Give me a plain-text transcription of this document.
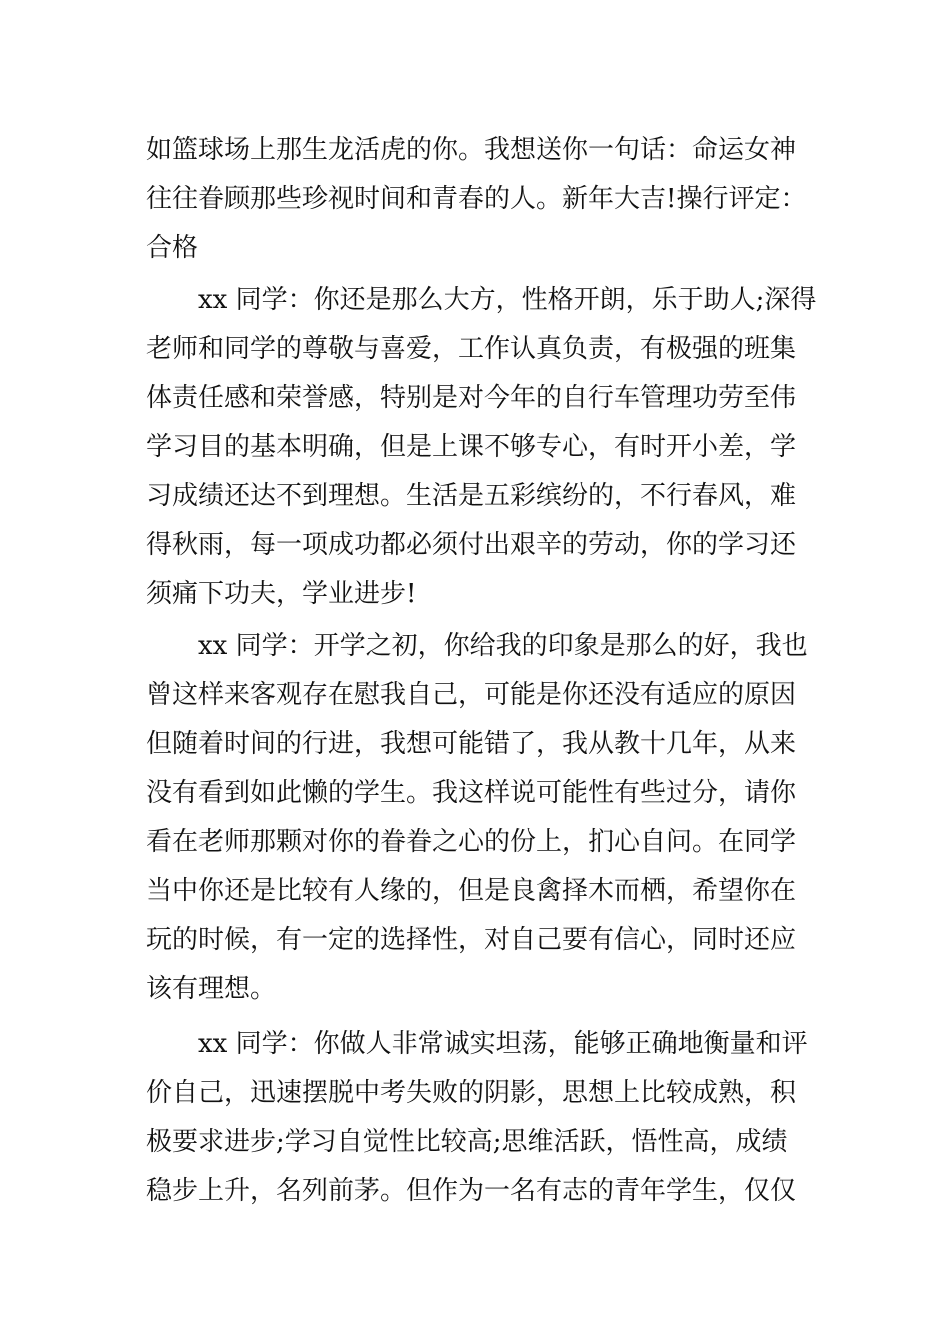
如篮球场上那生龙活虎的你。我想送你一句话：命运女神
往往眷顾那些珍视时间和青春的人。新年大吉!操行评定：
合格
xx 同学：你还是那么大方，性格开朗，乐于助人;深得
老师和同学的尊敬与喜爱，工作认真负责，有极强的班集
体责任感和荣誉感，特别是对今年的自行车管理功劳至伟
学习目的基本明确，但是上课不够专心，有时开小差，学
习成绩还达不到理想。生活是五彩缤纷的，不行春风，难
得秋雨，每一项成功都必须付出艰辛的劳动，你的学习还
须痛下功夫，学业进步!
xx 同学：开学之初，你给我的印象是那么的好，我也
曾这样来客观存在慰我自己，可能是你还没有适应的原因
但随着时间的行进，我想可能错了，我从教十几年，从来
没有看到如此懒的学生。我这样说可能性有些过分，请你
看在老师那颗对你的眷眷之心的份上，扪心自问。在同学
当中你还是比较有人缘的，但是良禽择木而栖，希望你在
玩的时候，有一定的选择性，对自己要有信心，同时还应
该有理想。
xx 同学：你做人非常诚实坦荡，能够正确地衡量和评
价自己，迅速摆脱中考失败的阴影，思想上比较成熟，积
极要求进步;学习自觉性比较高;思维活跃，悟性高，成绩
稳步上升，名列前茅。但作为一名有志的青年学生，仅仅
